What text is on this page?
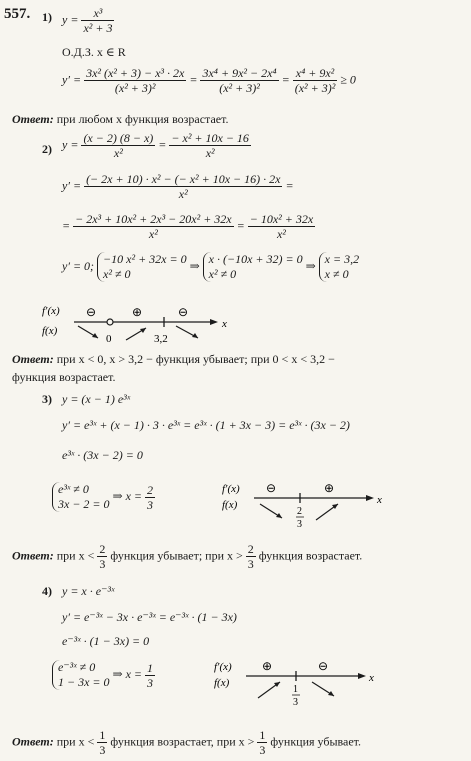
557. 1) $y = \frac{\text{x³}}{\text{x² + 3}}$
О.Д.З. x ∈ R
$y' = \frac{\text{3x² (x² + 3) − x³ · 2x}}{\text{(x² + 3)²}} = \frac{\text{3x⁴ + 9x² − 2x⁴}}{\text{(x² + 3)²}} = \frac{\text{x⁴ + 9x²}}{\text{(x² + 3)²}} \ge 0$
Ответ: при любом x функция возрастает.
2) $y = \frac{(x - 2) (8 - x)}{\text{x²}} = \frac{\text{− x² + 10x − 16}}{\text{x²}}$
$y' = \frac{\text{(− 2x + 10) · x² − (− x² + 10x − 16) · 2x}}{\text{x²}}$ =
= $\frac{\text{− 2x³ + 10x² + 2x³ − 20x² + 32x}}{\text{x²}} = \frac{\text{− 10x² + 32x}}{\text{x²}}$
y′ = 0; −10 x² + 32x = 0
x² ≠ 0
⇒ x · (−10x + 32) = 0
x² ≠ 0
⇒ x = 3,2
x ≠ 0
f′(x)
f(x)
x
⊖	⊕	⊖
0	3,2
Ответ: при x < 0, x > 3,2 − функция убывает; при 0 < x < 3,2 −
функция возрастает.
3) y = (x − 1) e³ˣ
y′ = e³ˣ + (x − 1) · 3 · e³ˣ = e³ˣ · (1 + 3x − 3) = e³ˣ · (3x − 2)
e³ˣ · (3x − 2) = 0
e³ˣ ≠ 0
3x − 2 = 0
⇒ $x = \frac{2}{3}$	f′(x)
f(x)	x
⊖	⊕
2
3
Ответ: при $x < \frac{2}{3}$ функция убывает; при $x > \frac{2}{3}$ функция возрастает.
4) y = x · e⁻³ˣ
y′ = e⁻³ˣ − 3x · e⁻³ˣ = e⁻³ˣ · (1 − 3x)
e⁻³ˣ · (1 − 3x) = 0
e⁻³ˣ ≠ 0
1 − 3x = 0
⇒ $x = \frac{1}{3}$	f′(x)
f(x)	x
⊕	⊖
1
3
Ответ: при $x < \frac{1}{3}$ функция возрастает, при $x > \frac{1}{3}$ функция убывает.
